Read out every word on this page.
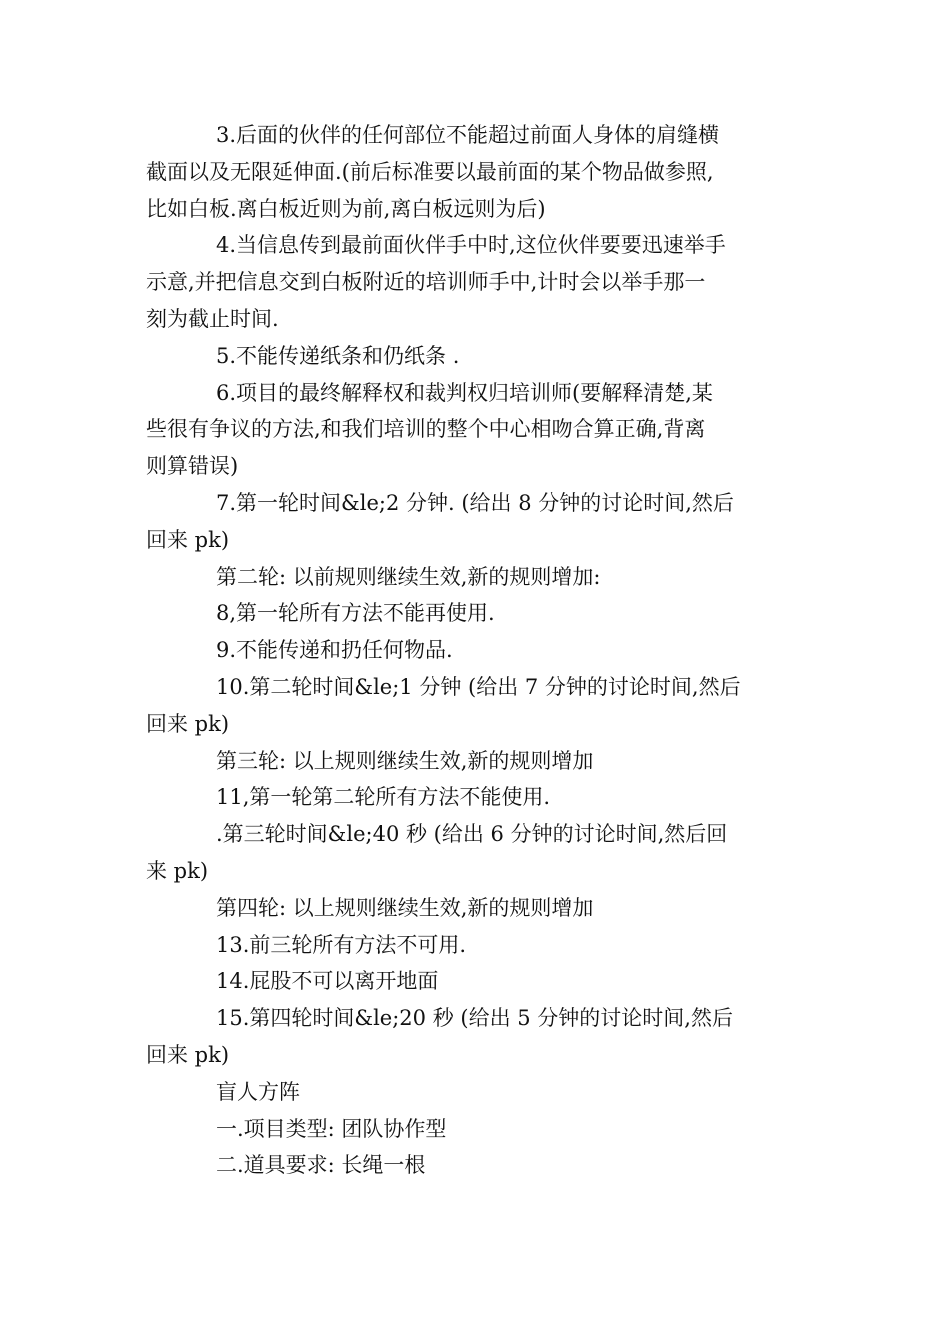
3.后面的伙伴的任何部位不能超过前面人身体的肩缝横
截面以及无限延伸面.(前后标准要以最前面的某个物品做参照,
比如白板.离白板近则为前,离白板远则为后)
4.当信息传到最前面伙伴手中时,这位伙伴要要迅速举手
示意,并把信息交到白板附近的培训师手中,计时会以举手那一
刻为截止时间.
5.不能传递纸条和仍纸条 .
6.项目的最终解释权和裁判权归培训师(要解释清楚,某
些很有争议的方法,和我们培训的整个中心相吻合算正确,背离
则算错误)
7.第一轮时间&le;2 分钟. (给出 8 分钟的讨论时间,然后
回来 pk)
第二轮: 以前规则继续生效,新的规则增加:
8,第一轮所有方法不能再使用.
9.不能传递和扔任何物品.
10.第二轮时间&le;1 分钟 (给出 7 分钟的讨论时间,然后
回来 pk)
第三轮: 以上规则继续生效,新的规则增加
11,第一轮第二轮所有方法不能使用.
.第三轮时间&le;40 秒 (给出 6 分钟的讨论时间,然后回
来 pk)
第四轮: 以上规则继续生效,新的规则增加
13.前三轮所有方法不可用.
14.屁股不可以离开地面
15.第四轮时间&le;20 秒 (给出 5 分钟的讨论时间,然后
回来 pk)
盲人方阵
一.项目类型: 团队协作型
二.道具要求: 长绳一根
